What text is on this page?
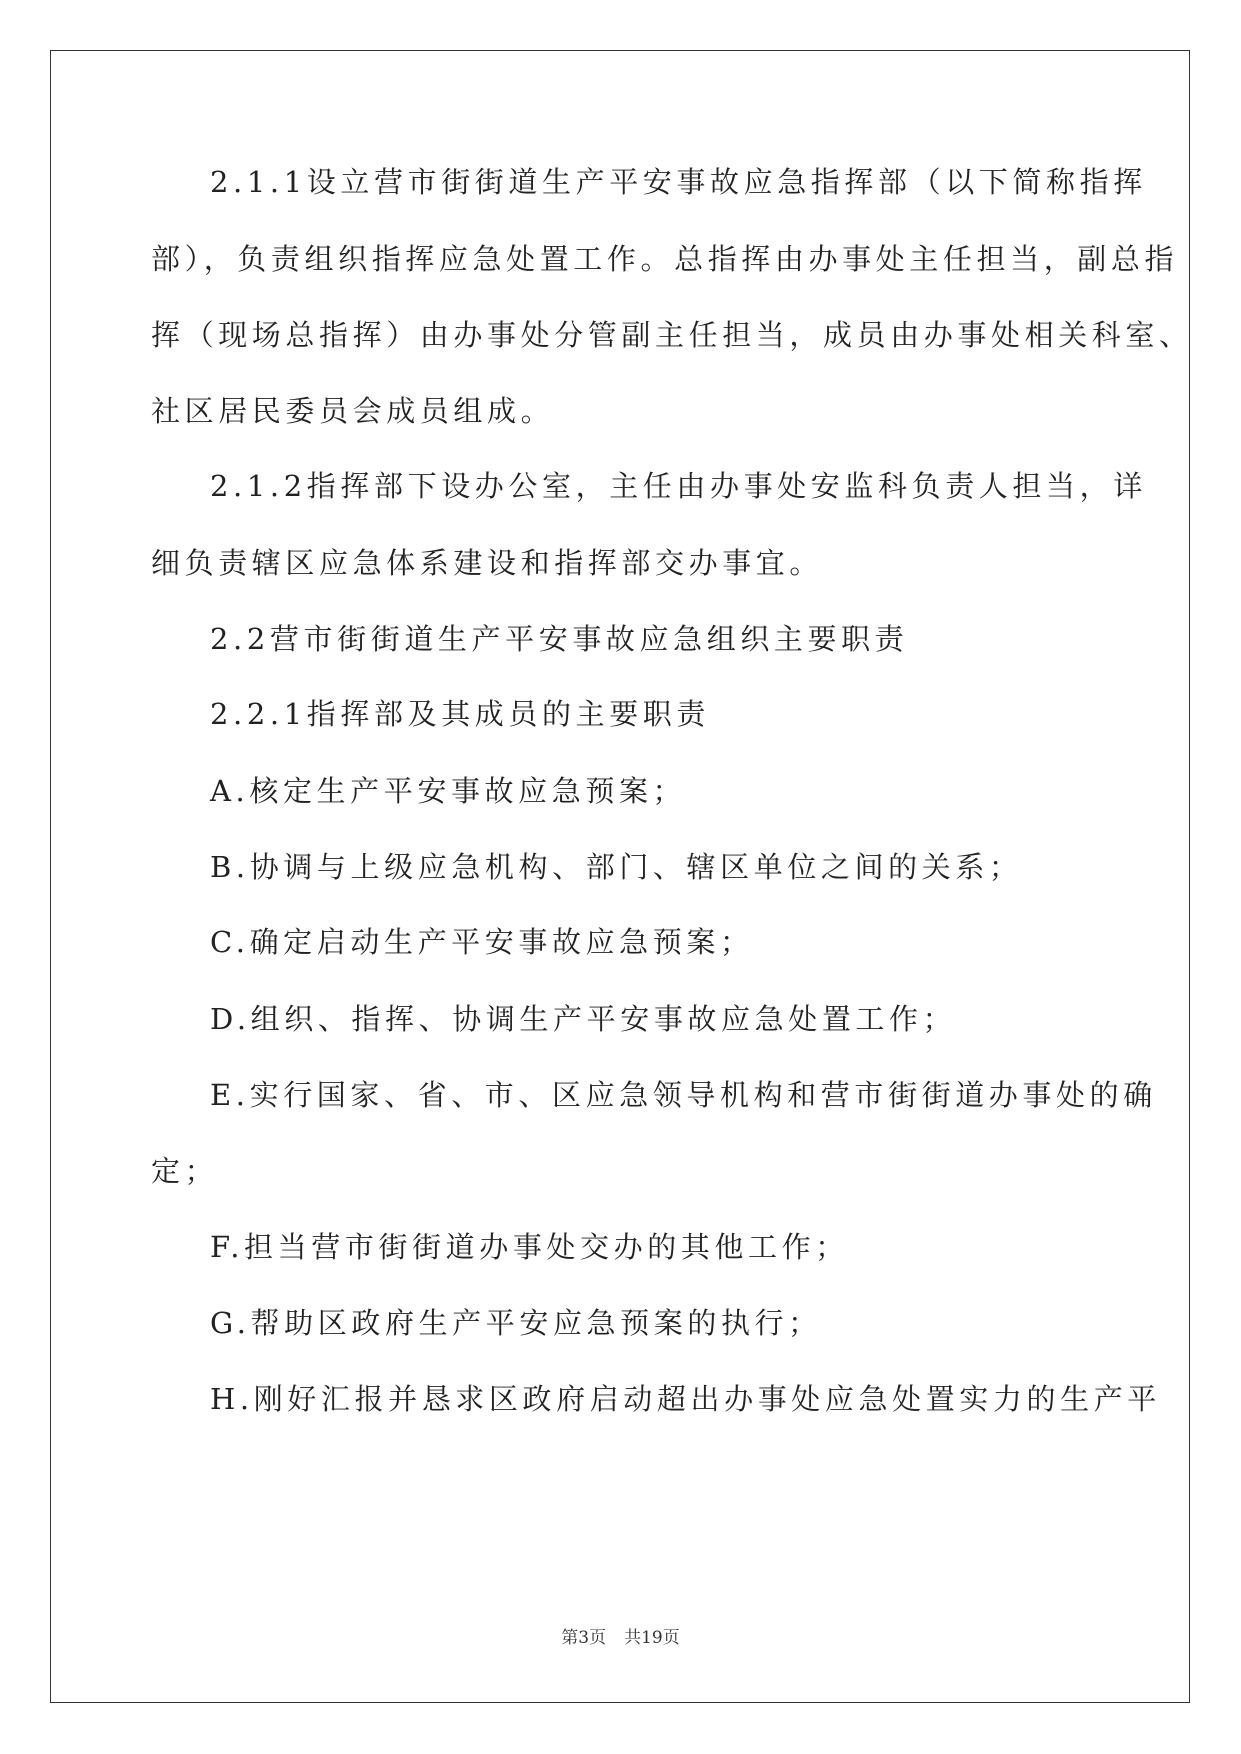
2.1.1设立营市街街道生产平安事故应急指挥部（以下简称指挥
部），负责组织指挥应急处置工作。总指挥由办事处主任担当，副总指
挥（现场总指挥）由办事处分管副主任担当，成员由办事处相关科室、
社区居民委员会成员组成。
2.1.2指挥部下设办公室，主任由办事处安监科负责人担当，详
细负责辖区应急体系建设和指挥部交办事宜。
2.2营市街街道生产平安事故应急组织主要职责
2.2.1指挥部及其成员的主要职责
A.核定生产平安事故应急预案；
B.协调与上级应急机构、部门、辖区单位之间的关系；
C.确定启动生产平安事故应急预案；
D.组织、指挥、协调生产平安事故应急处置工作；
E.实行国家、省、市、区应急领导机构和营市街街道办事处的确
定；
F.担当营市街街道办事处交办的其他工作；
G.帮助区政府生产平安应急预案的执行；
H.刚好汇报并恳求区政府启动超出办事处应急处置实力的生产平
第3页 共19页
